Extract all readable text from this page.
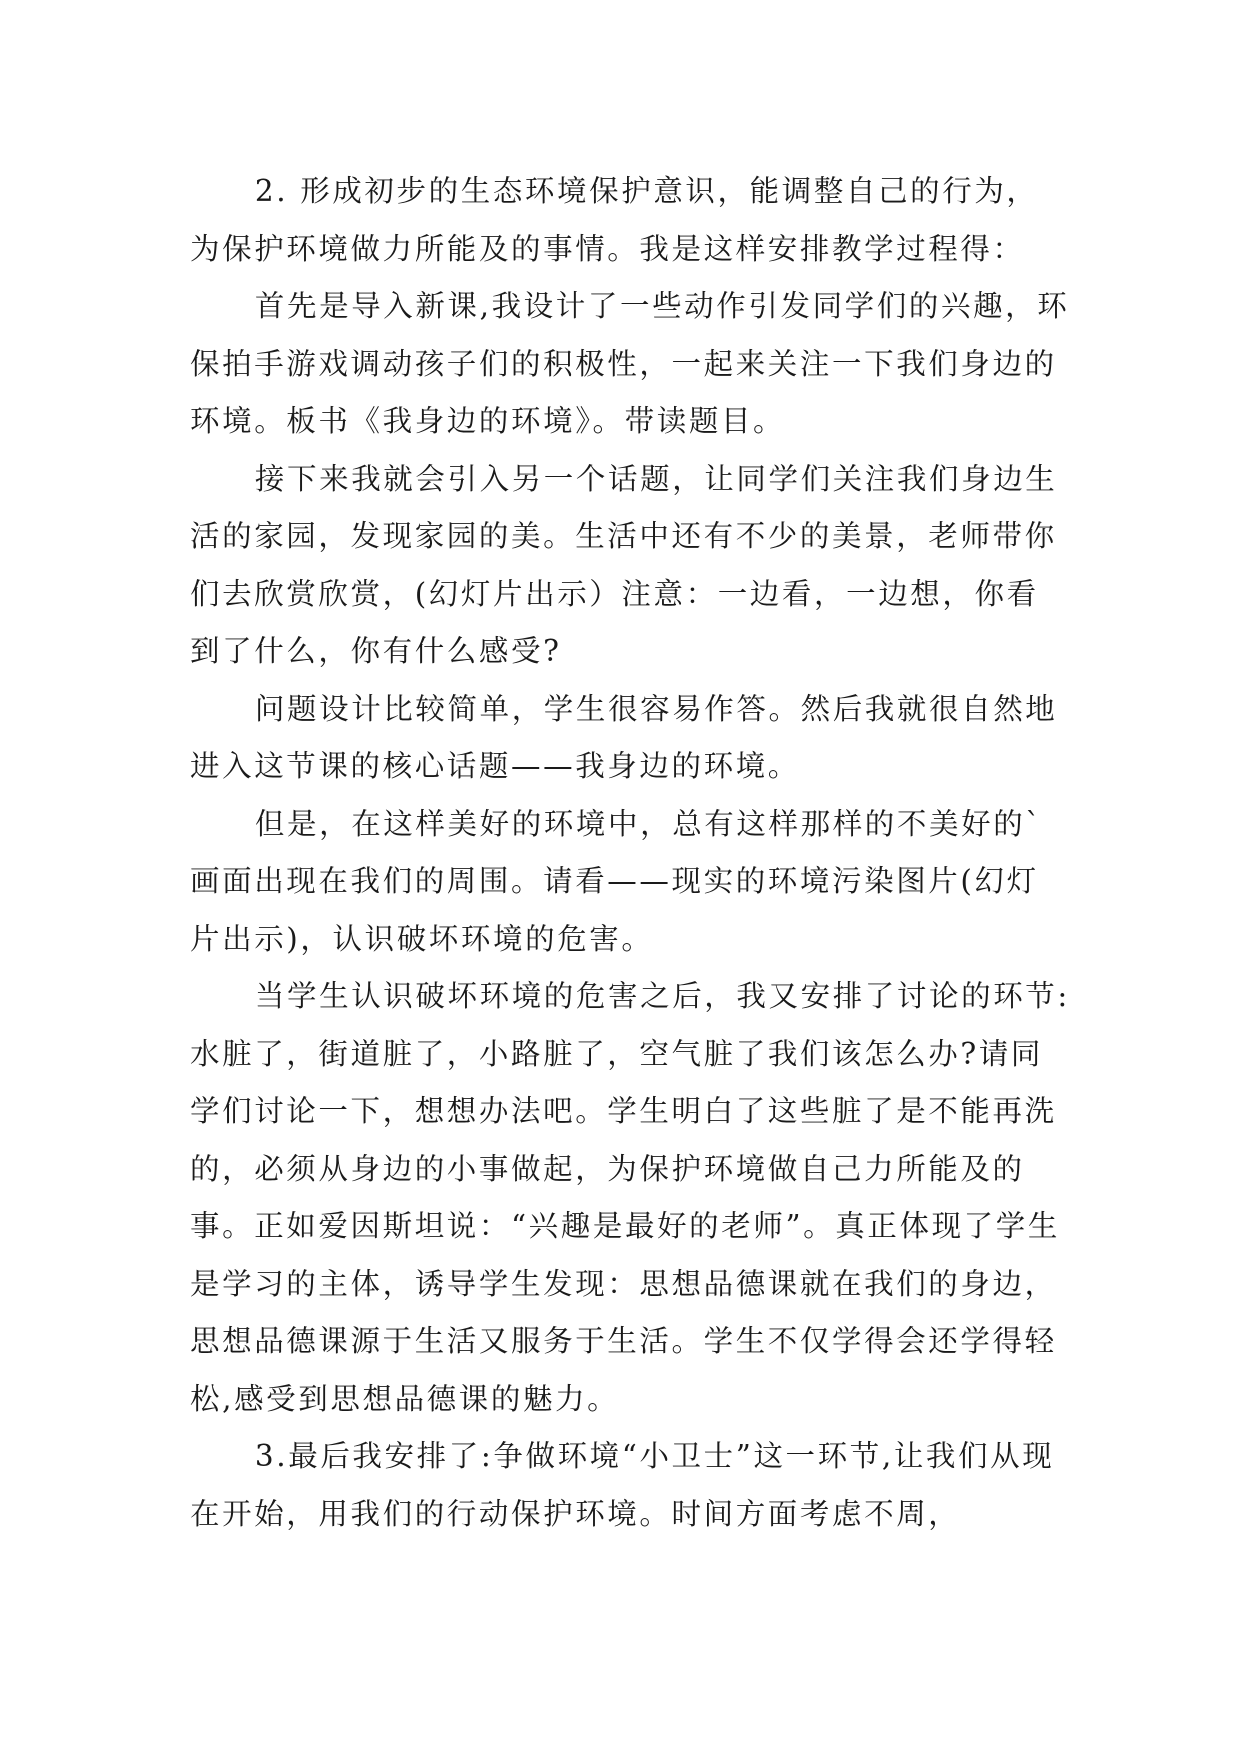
2. 形成初步的生态环境保护意识，能调整自己的行为，为保护环境做力所能及的事情。我是这样安排教学过程得：

首先是导入新课,我设计了一些动作引发同学们的兴趣，环保拍手游戏调动孩子们的积极性，一起来关注一下我们身边的环境。板书《我身边的环境》。带读题目。

接下来我就会引入另一个话题，让同学们关注我们身边生活的家园，发现家园的美。生活中还有不少的美景，老师带你们去欣赏欣赏，(幻灯片出示）注意：一边看，一边想，你看到了什么，你有什么感受?

问题设计比较简单，学生很容易作答。然后我就很自然地进入这节课的核心话题——我身边的环境。

但是，在这样美好的环境中，总有这样那样的不美好的`画面出现在我们的周围。请看——现实的环境污染图片(幻灯片出示)，认识破坏环境的危害。

当学生认识破坏环境的危害之后，我又安排了讨论的环节: 水脏了，街道脏了，小路脏了，空气脏了我们该怎么办?请同学们讨论一下，想想办法吧。学生明白了这些脏了是不能再洗的，必须从身边的小事做起，为保护环境做自己力所能及的事。正如爱因斯坦说：“兴趣是最好的老师”。真正体现了学生是学习的主体，诱导学生发现：思想品德课就在我们的身边，思想品德课源于生活又服务于生活。学生不仅学得会还学得轻松,感受到思想品德课的魅力。

3.最后我安排了:争做环境“小卫士”这一环节,让我们从现在开始，用我们的行动保护环境。时间方面考虑不周，
